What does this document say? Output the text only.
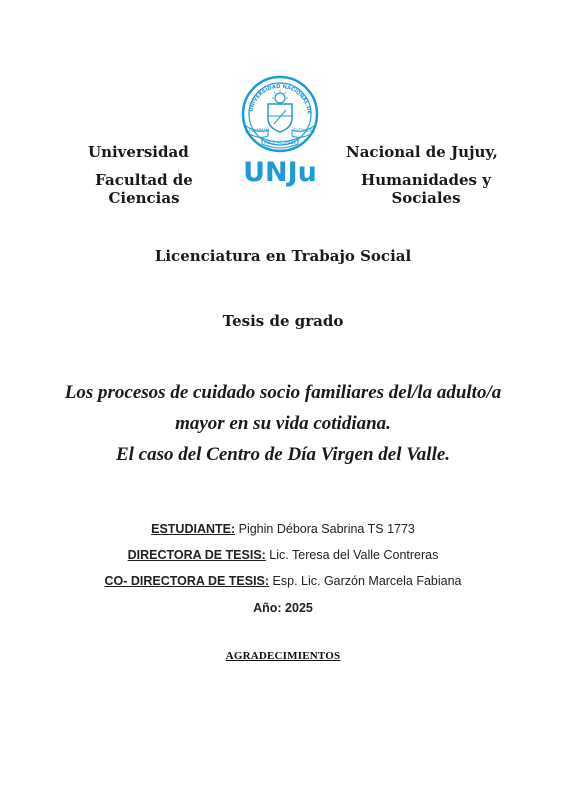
Universidad
Facultad de
Ciencias
Nacional de Jujuy,
Humanidades y
Sociales
UNIVERSIDAD NACIONAL DE
FLAMMAM	TUTAMUR
POCO ACCENDE
UNJu
Licenciatura en Trabajo Social
Tesis de grado
Los procesos de cuidado socio familiares del/la adulto/a
mayor en su vida cotidiana.
El caso del Centro de Día Virgen del Valle.
ESTUDIANTE: Pighin Débora Sabrina TS 1773
DIRECTORA DE TESIS: Lic. Teresa del Valle Contreras
CO- DIRECTORA DE TESIS: Esp. Lic. Garzón Marcela Fabiana
Año: 2025
AGRADECIMIENTOS
